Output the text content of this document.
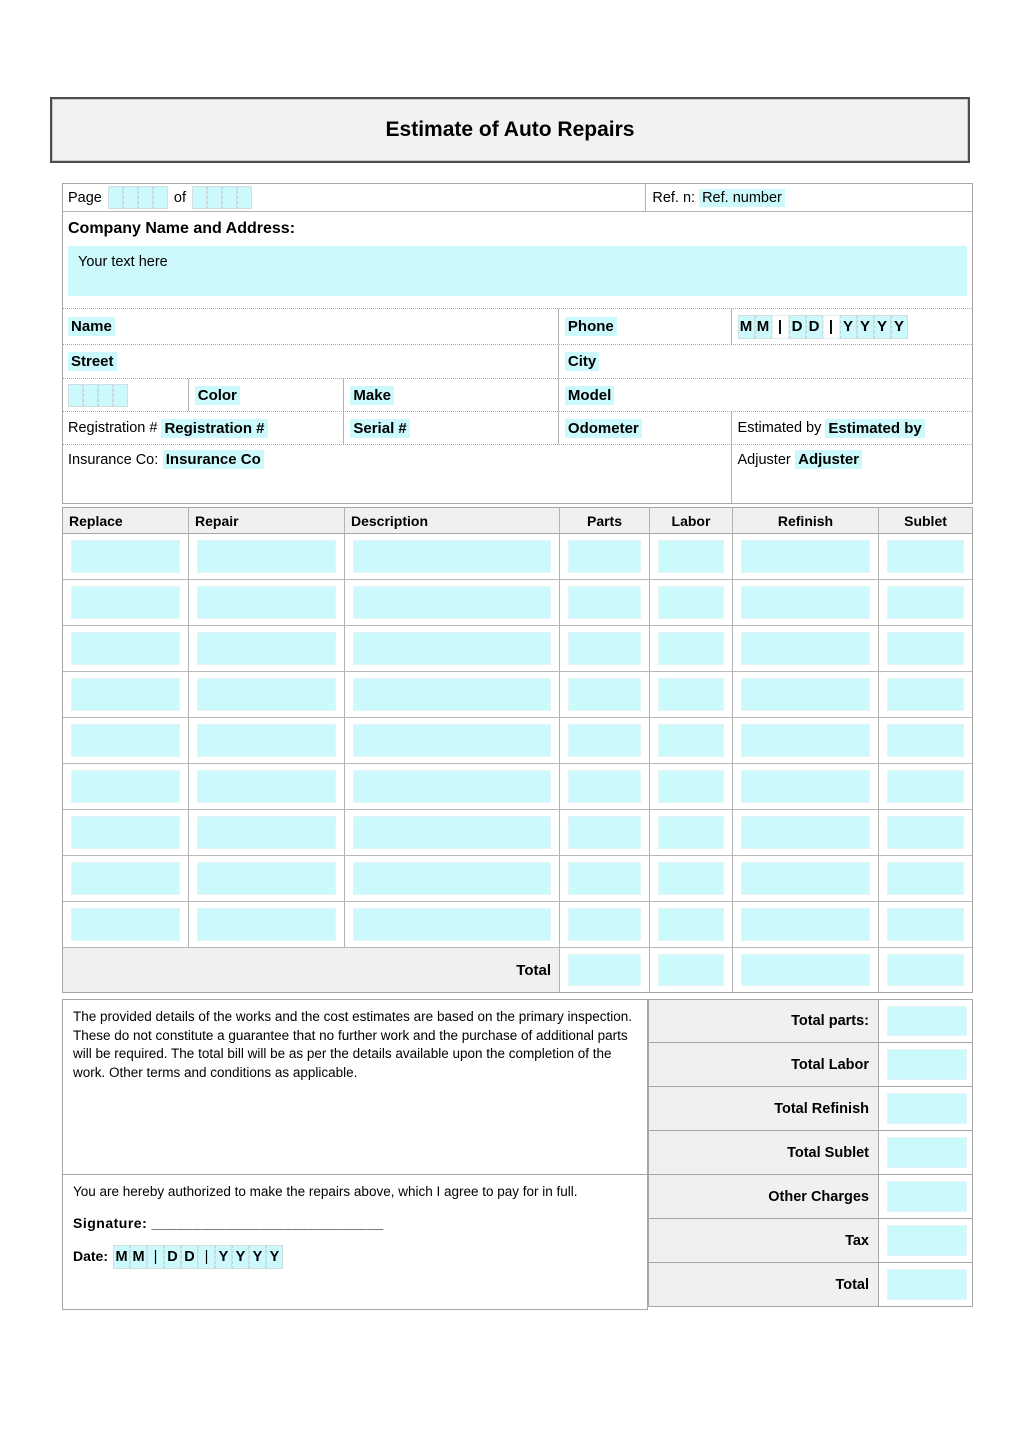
Estimate of Auto Repairs
Page	of	Ref. n: Ref. number
Company Name and Address:
Your text here
Name	Phone	M M | D D | Y Y Y Y
Street	City
Color	Make	Model
Registration # Registration #	Serial #	Odometer	Estimated by Estimated by
Insurance Co: Insurance Co	Adjuster Adjuster
Replace	Repair	Description	Parts	Labor	Refinish	Sublet
Total
The provided details of the works and the cost estimates are based on the primary inspection. These do not constitute a guarantee that no further work and the purchase of additional parts will be required. The total bill will be as per the details available upon the completion of the work. Other terms and conditions as applicable.
Total parts:
Total Labor
Total Refinish
Total Sublet
You are hereby authorized to make the repairs above, which I agree to pay for in full.
Signature: ____________________________
Date: M M | D D | Y Y Y Y
Other Charges
Tax
Total
